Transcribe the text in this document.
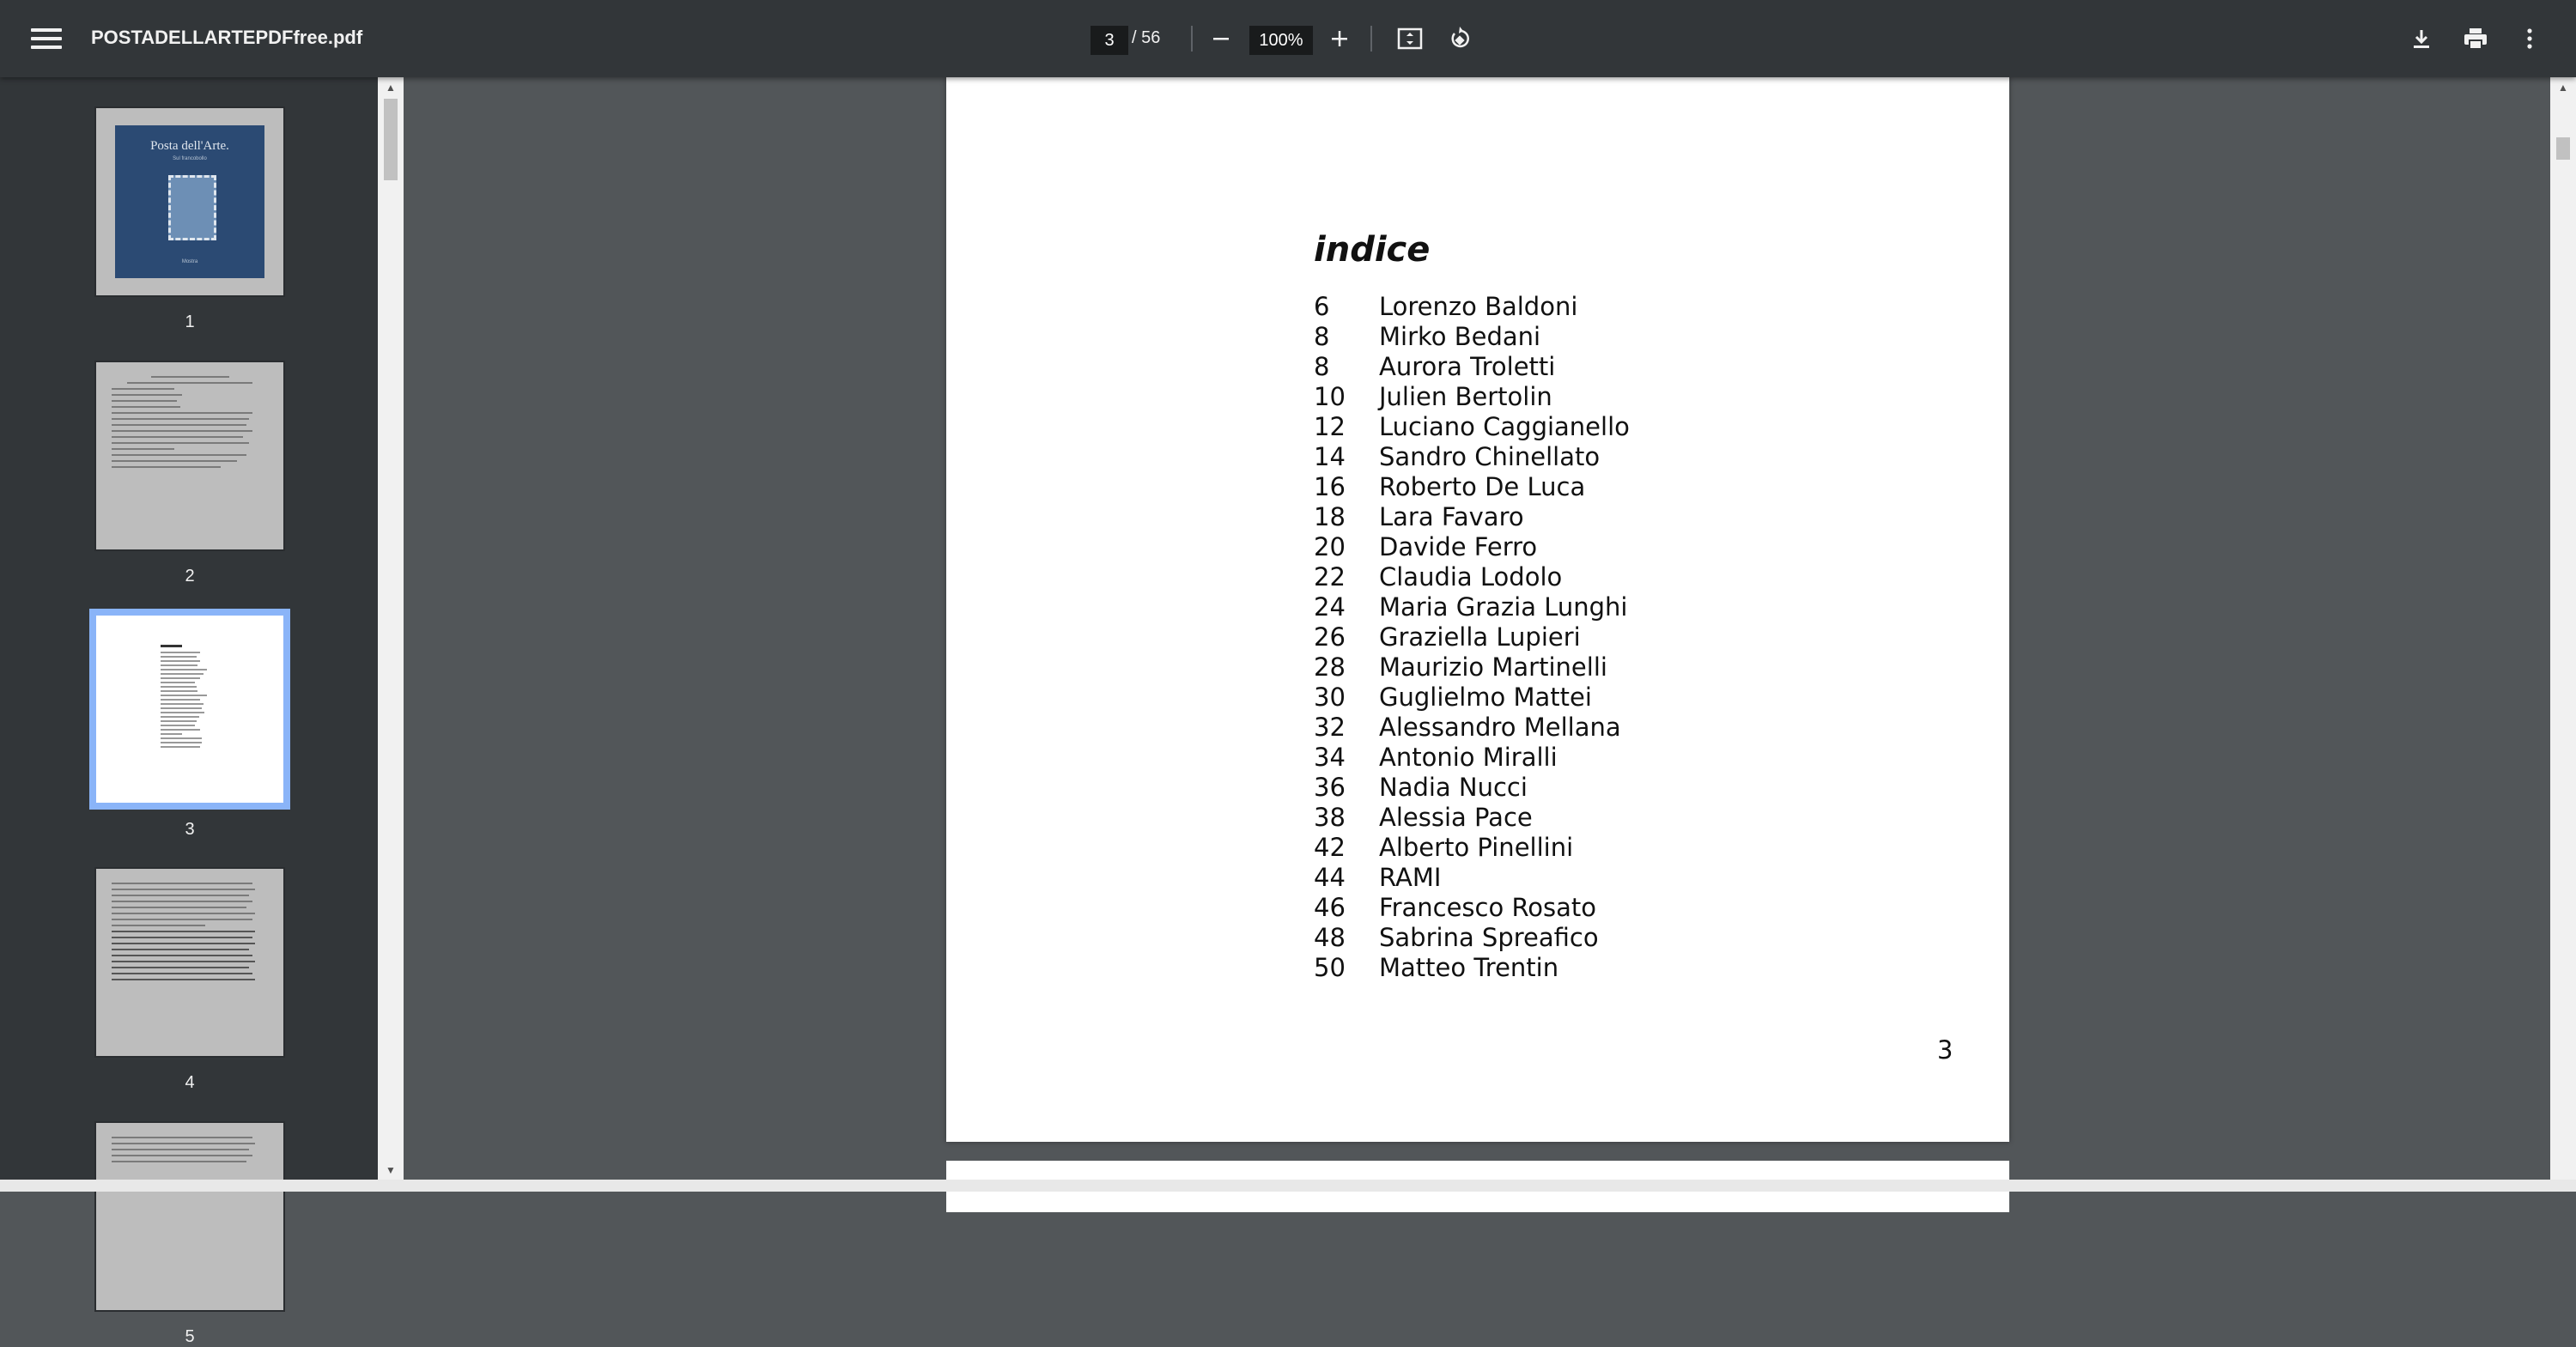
POSTADELLARTEPDFfree.pdf
3	/ 56
100%
Posta dell'Arte.
Sul francobollo
Mostra
1
2
3
4
5
▲
▼
indice
6	Lorenzo Baldoni
8	Mirko Bedani
8	Aurora Troletti
10	Julien Bertolin
12	Luciano Caggianello
14	Sandro Chinellato
16	Roberto De Luca
18	Lara Favaro
20	Davide Ferro
22	Claudia Lodolo
24	Maria Grazia Lunghi
26	Graziella Lupieri
28	Maurizio Martinelli
30	Guglielmo Mattei
32	Alessandro Mellana
34	Antonio Miralli
36	Nadia Nucci
38	Alessia Pace
42	Alberto Pinellini
44	RAMI
46	Francesco Rosato
48	Sabrina Spreafico
50	Matteo Trentin
3
▲
